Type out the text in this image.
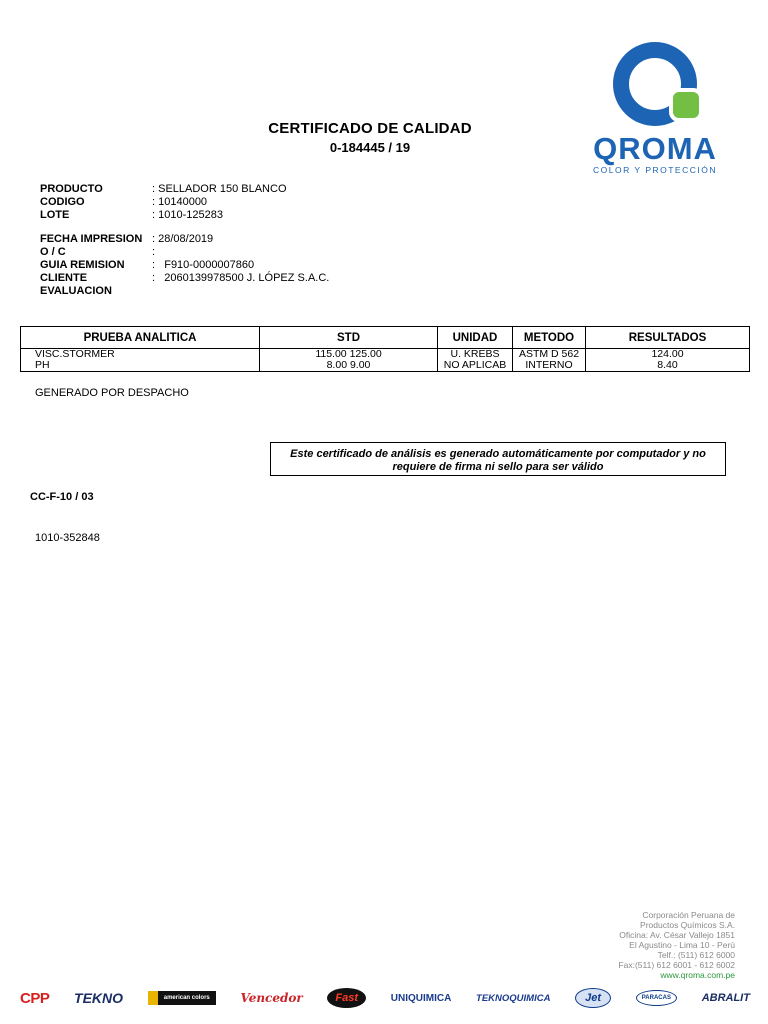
CERTIFICADO DE CALIDAD
0-184445 / 19	QROMA
COLOR Y PROTECCIÓN
PRODUCTO	: SELLADOR 150 BLANCO
CODIGO	: 10140000
LOTE	: 1010-125283
FECHA IMPRESION : 28/08/2019
O / C	:
GUIA REMISION	:   F910-0000007860
CLIENTE	:   2060139978500 J. LÓPEZ S.A.C.
EVALUACION
PRUEBA ANALITICA	STD	UNIDAD	METODO	RESULTADOS
VISC.STORMER	115.00 125.00	U. KREBS	ASTM D 562	124.00
PH	8.00 9.00	NO APLICAB	INTERNO	8.40
GENERADO POR DESPACHO
Este certificado de análisis es generado automáticamente por computador y no requiere de firma ni sello para ser válido
CC-F-10 / 03
1010-352848
Corporación Peruana de
Productos Químicos S.A.
Oficina: Av. César Vallejo 1851
El Agustino - Lima 10 - Perú
Telf.: (511) 612 6000
Fax:(511) 612 6001 - 612 6002
www.qroma.com.pe
CPP TEKNO	american colors	Vencedor	Fast	UNIQUIMICA	TEKNOQUIMICA	Jet	PARACAS	ABRALIT
